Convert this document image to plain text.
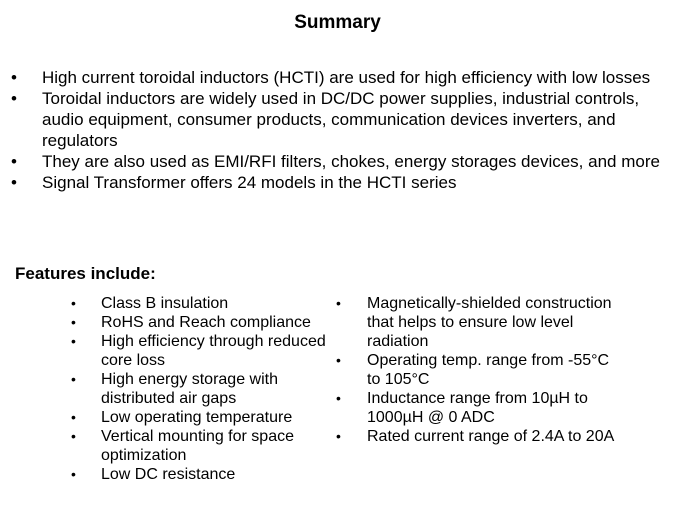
Summary
• High current toroidal inductors (HCTI) are used for high efficiency with low losses
• Toroidal inductors are widely used in DC/DC power supplies, industrial controls, audio equipment, consumer products, communication devices inverters, and regulators
• They are also used as EMI/RFI filters, chokes, energy storages devices, and more
• Signal Transformer offers 24 models in the HCTI series
Features include:
• Class B insulation
• RoHS and Reach compliance
• High efficiency through reduced core loss
• High energy storage with distributed air gaps
• Low operating temperature
• Vertical mounting for space optimization
• Low DC resistance
• Magnetically-shielded construction that helps to ensure low level radiation
• Operating temp. range from -55°C to 105°C
• Inductance range from 10µH to 1000µH @ 0 ADC
• Rated current range of 2.4A to 20A
